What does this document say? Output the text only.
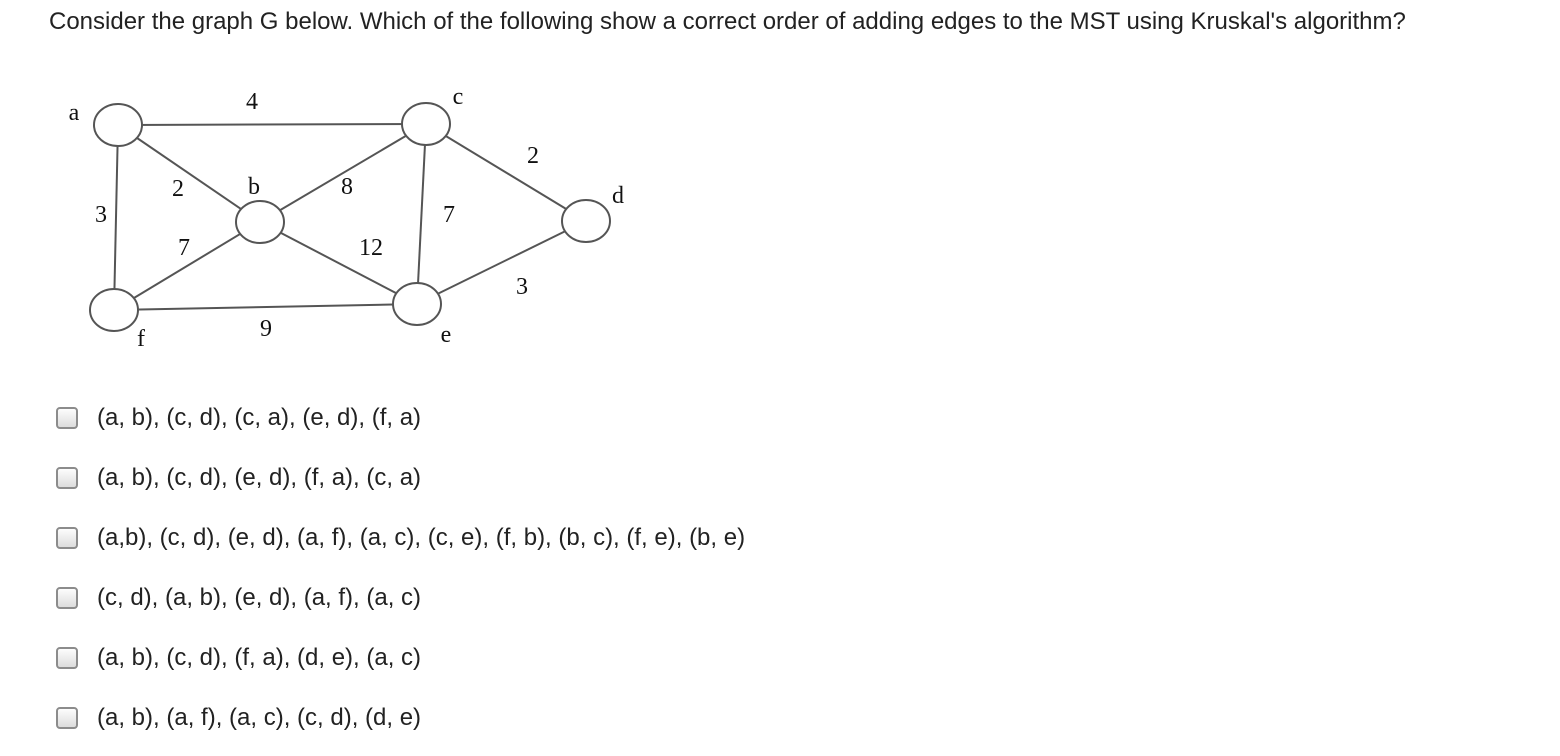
Consider the graph G below. Which of the following show a correct order of adding edges to the MST using Kruskal's algorithm?
4
2
3
8
7	12
7
2
3
9
a
b
c
d
e
f
(a, b), (c, d), (c, a), (e, d), (f, a)
(a, b), (c, d), (e, d), (f, a), (c, a)
(a,b), (c, d), (e, d), (a, f), (a, c), (c, e), (f, b), (b, c), (f, e), (b, e)
(c, d), (a, b), (e, d), (a, f), (a, c)
(a, b), (c, d), (f, a), (d, e), (a, c)
(a, b), (a, f), (a, c), (c, d), (d, e)
